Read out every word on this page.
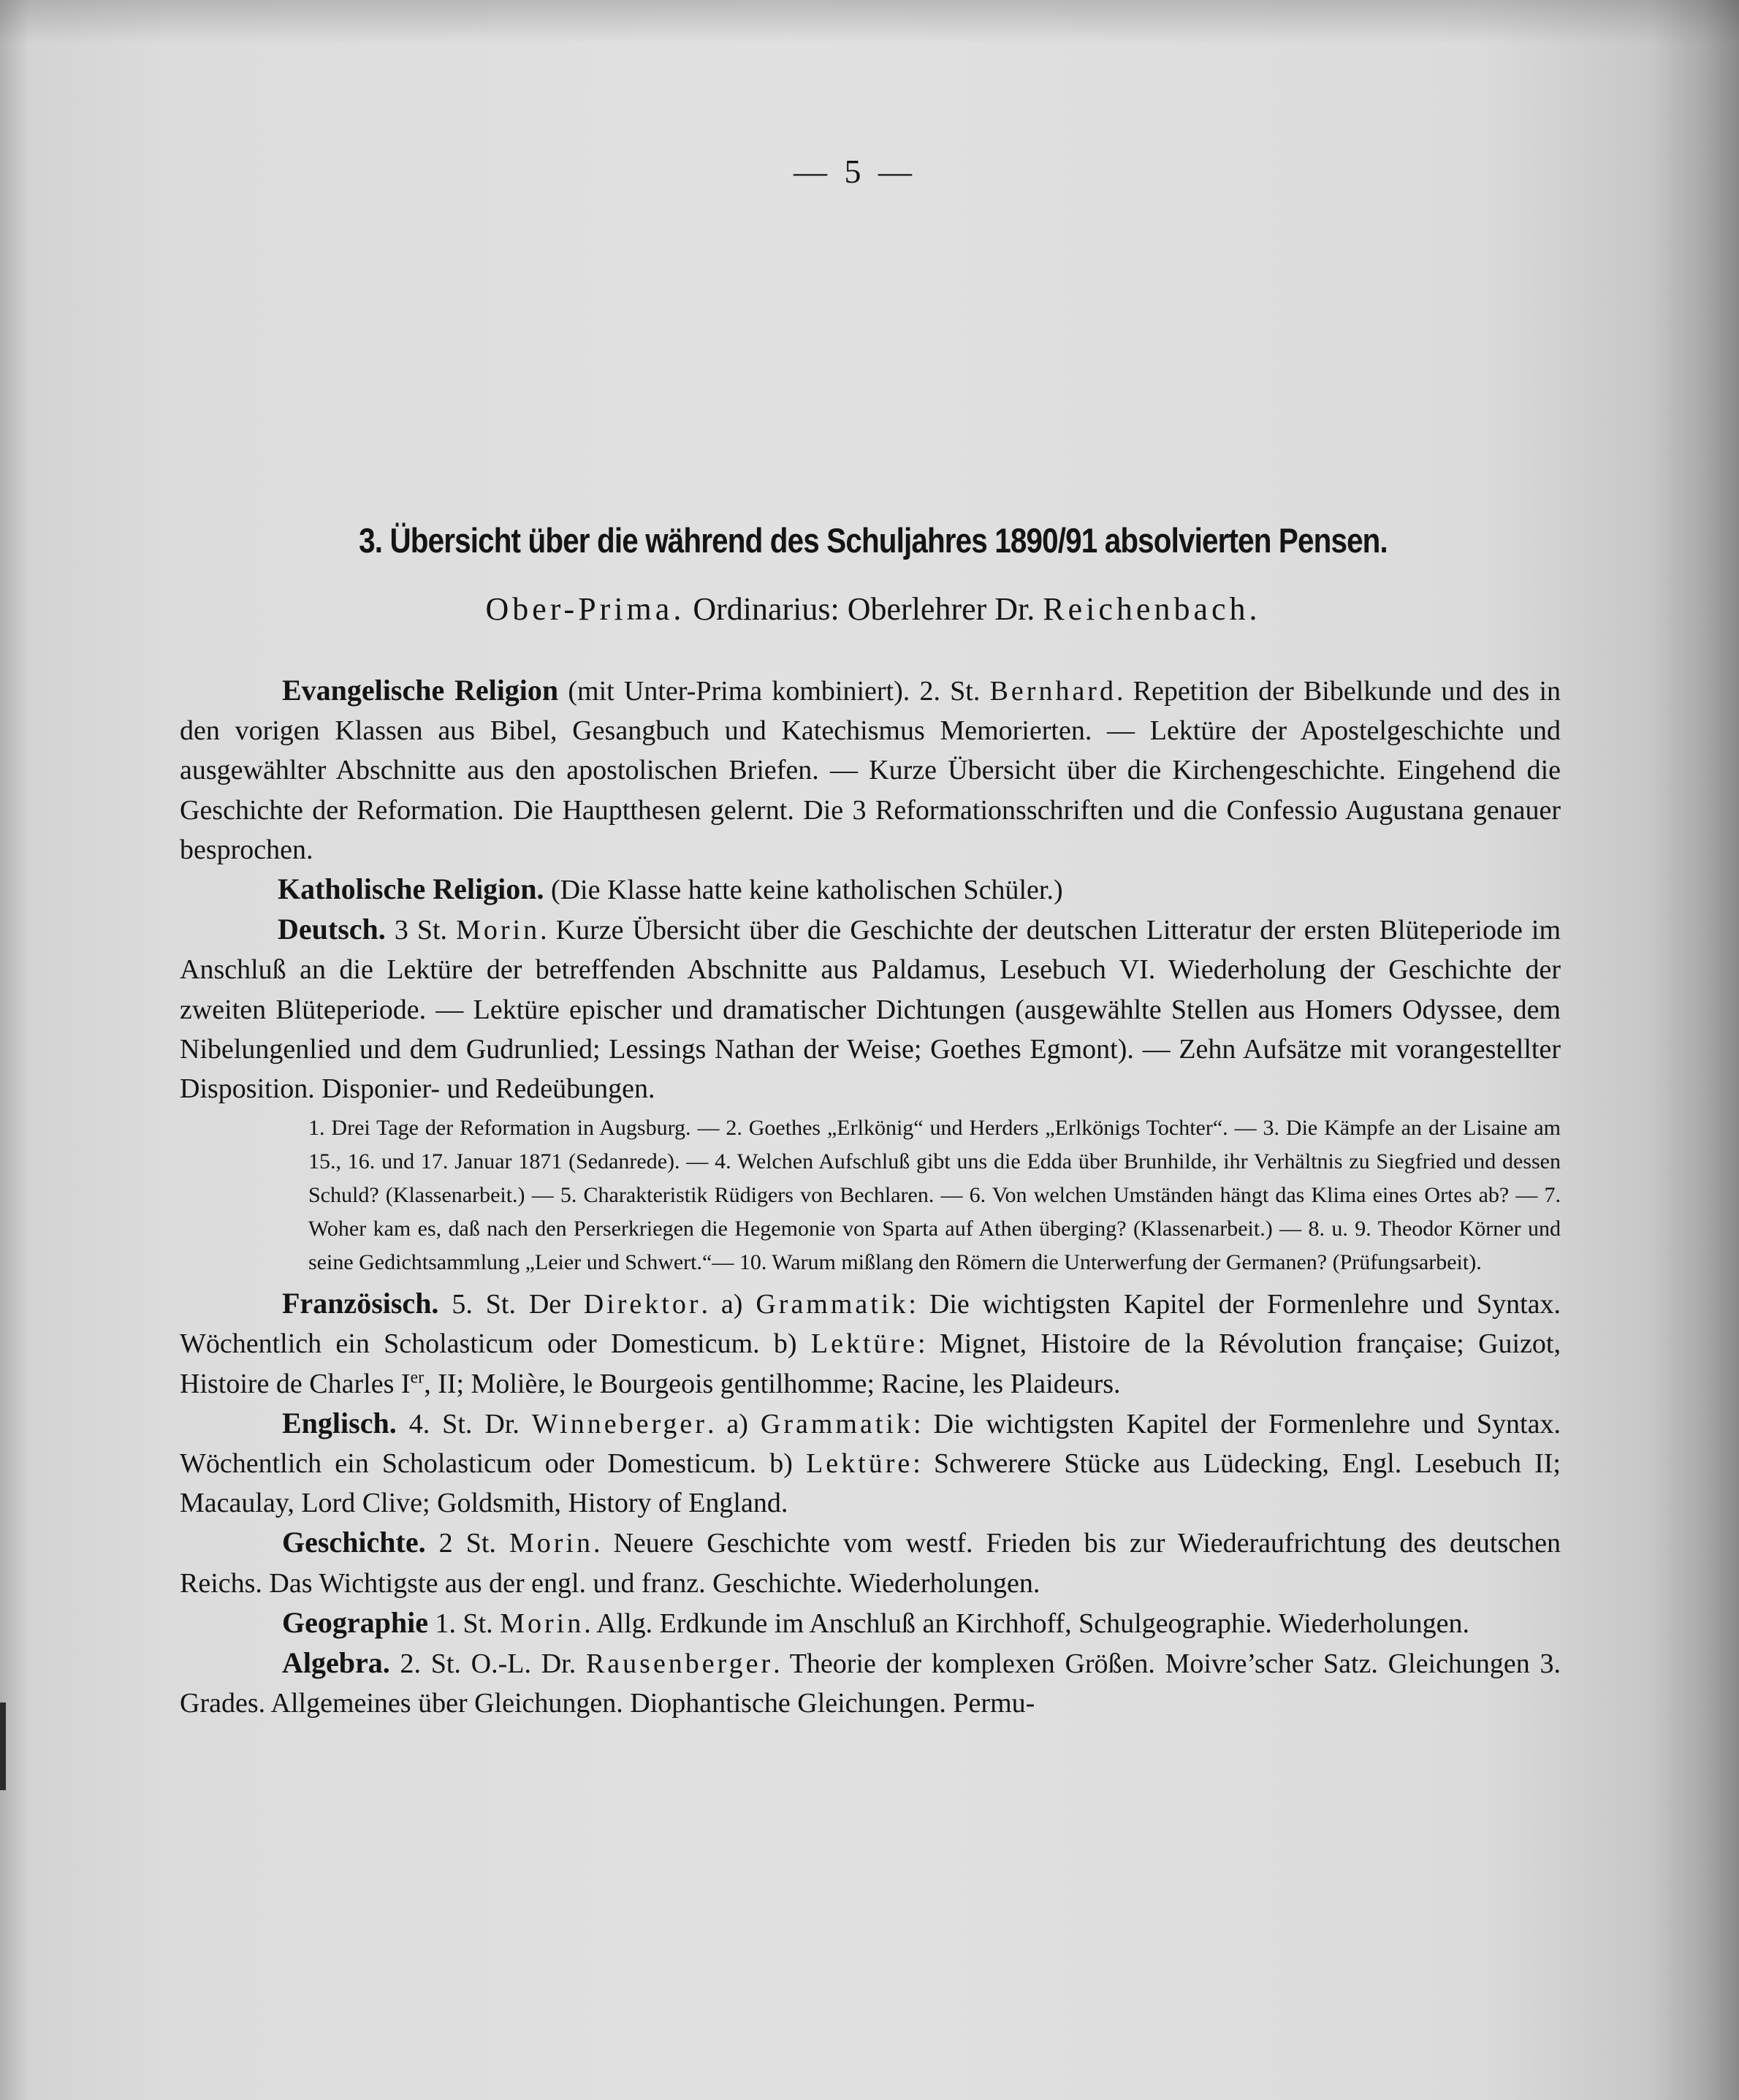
— 5 —
3. Übersicht über die während des Schuljahres 1890/91 absolvierten Pensen.
Ober-Prima. Ordinarius: Oberlehrer Dr. Reichenbach.

Evangelische Religion (mit Unter-Prima kombiniert). 2. St. Bernhard. Repetition der Bibelkunde und des in den vorigen Klassen aus Bibel, Gesangbuch und Katechismus Memorierten. — Lektüre der Apostelgeschichte und ausgewählter Abschnitte aus den apostolischen Briefen. — Kurze Übersicht über die Kirchengeschichte. Eingehend die Geschichte der Reformation. Die Hauptthesen gelernt. Die 3 Reformationsschriften und die Confessio Augustana genauer besprochen.

Katholische Religion. (Die Klasse hatte keine katholischen Schüler.)

Deutsch. 3 St. Morin. Kurze Übersicht über die Geschichte der deutschen Litteratur der ersten Blüteperiode im Anschluß an die Lektüre der betreffenden Abschnitte aus Paldamus, Lesebuch VI. Wiederholung der Geschichte der zweiten Blüteperiode. — Lektüre epischer und dramatischer Dichtungen (ausgewählte Stellen aus Homers Odyssee, dem Nibelungenlied und dem Gudrunlied; Lessings Nathan der Weise; Goethes Egmont). — Zehn Aufsätze mit vorangestellter Disposition. Disponier- und Redeübungen.

1. Drei Tage der Reformation in Augsburg. — 2. Goethes „Erlkönig“ und Herders „Erlkönigs Tochter“. — 3. Die Kämpfe an der Lisaine am 15., 16. und 17. Januar 1871 (Sedanrede). — 4. Welchen Aufschluß gibt uns die Edda über Brunhilde, ihr Verhältnis zu Siegfried und dessen Schuld? (Klassenarbeit.) — 5. Charakteristik Rüdigers von Bechlaren. — 6. Von welchen Umständen hängt das Klima eines Ortes ab? — 7. Woher kam es, daß nach den Perserkriegen die Hegemonie von Sparta auf Athen überging? (Klassenarbeit.) — 8. u. 9. Theodor Körner und seine Gedichtsammlung „Leier und Schwert.“— 10. Warum mißlang den Römern die Unterwerfung der Germanen? (Prüfungsarbeit).

Französisch. 5. St. Der Direktor. a) Grammatik: Die wichtigsten Kapitel der Formenlehre und Syntax. Wöchentlich ein Scholasticum oder Domesticum. b) Lektüre: Mignet, Histoire de la Révolution française; Guizot, Histoire de Charles Ier, II; Molière, le Bourgeois gentilhomme; Racine, les Plaideurs.

Englisch. 4. St. Dr. Winneberger. a) Grammatik: Die wichtigsten Kapitel der Formenlehre und Syntax. Wöchentlich ein Scholasticum oder Domesticum. b) Lektüre: Schwerere Stücke aus Lüdecking, Engl. Lesebuch II; Macaulay, Lord Clive; Goldsmith, History of England.

Geschichte. 2 St. Morin. Neuere Geschichte vom westf. Frieden bis zur Wiederaufrichtung des deutschen Reichs. Das Wichtigste aus der engl. und franz. Geschichte. Wiederholungen.

Geographie 1. St. Morin. Allg. Erdkunde im Anschluß an Kirchhoff, Schulgeographie. Wiederholungen.

Algebra. 2. St. O.-L. Dr. Rausenberger. Theorie der komplexen Größen. Moivre’scher Satz. Gleichungen 3. Grades. Allgemeines über Gleichungen. Diophantische Gleichungen. Permu-
